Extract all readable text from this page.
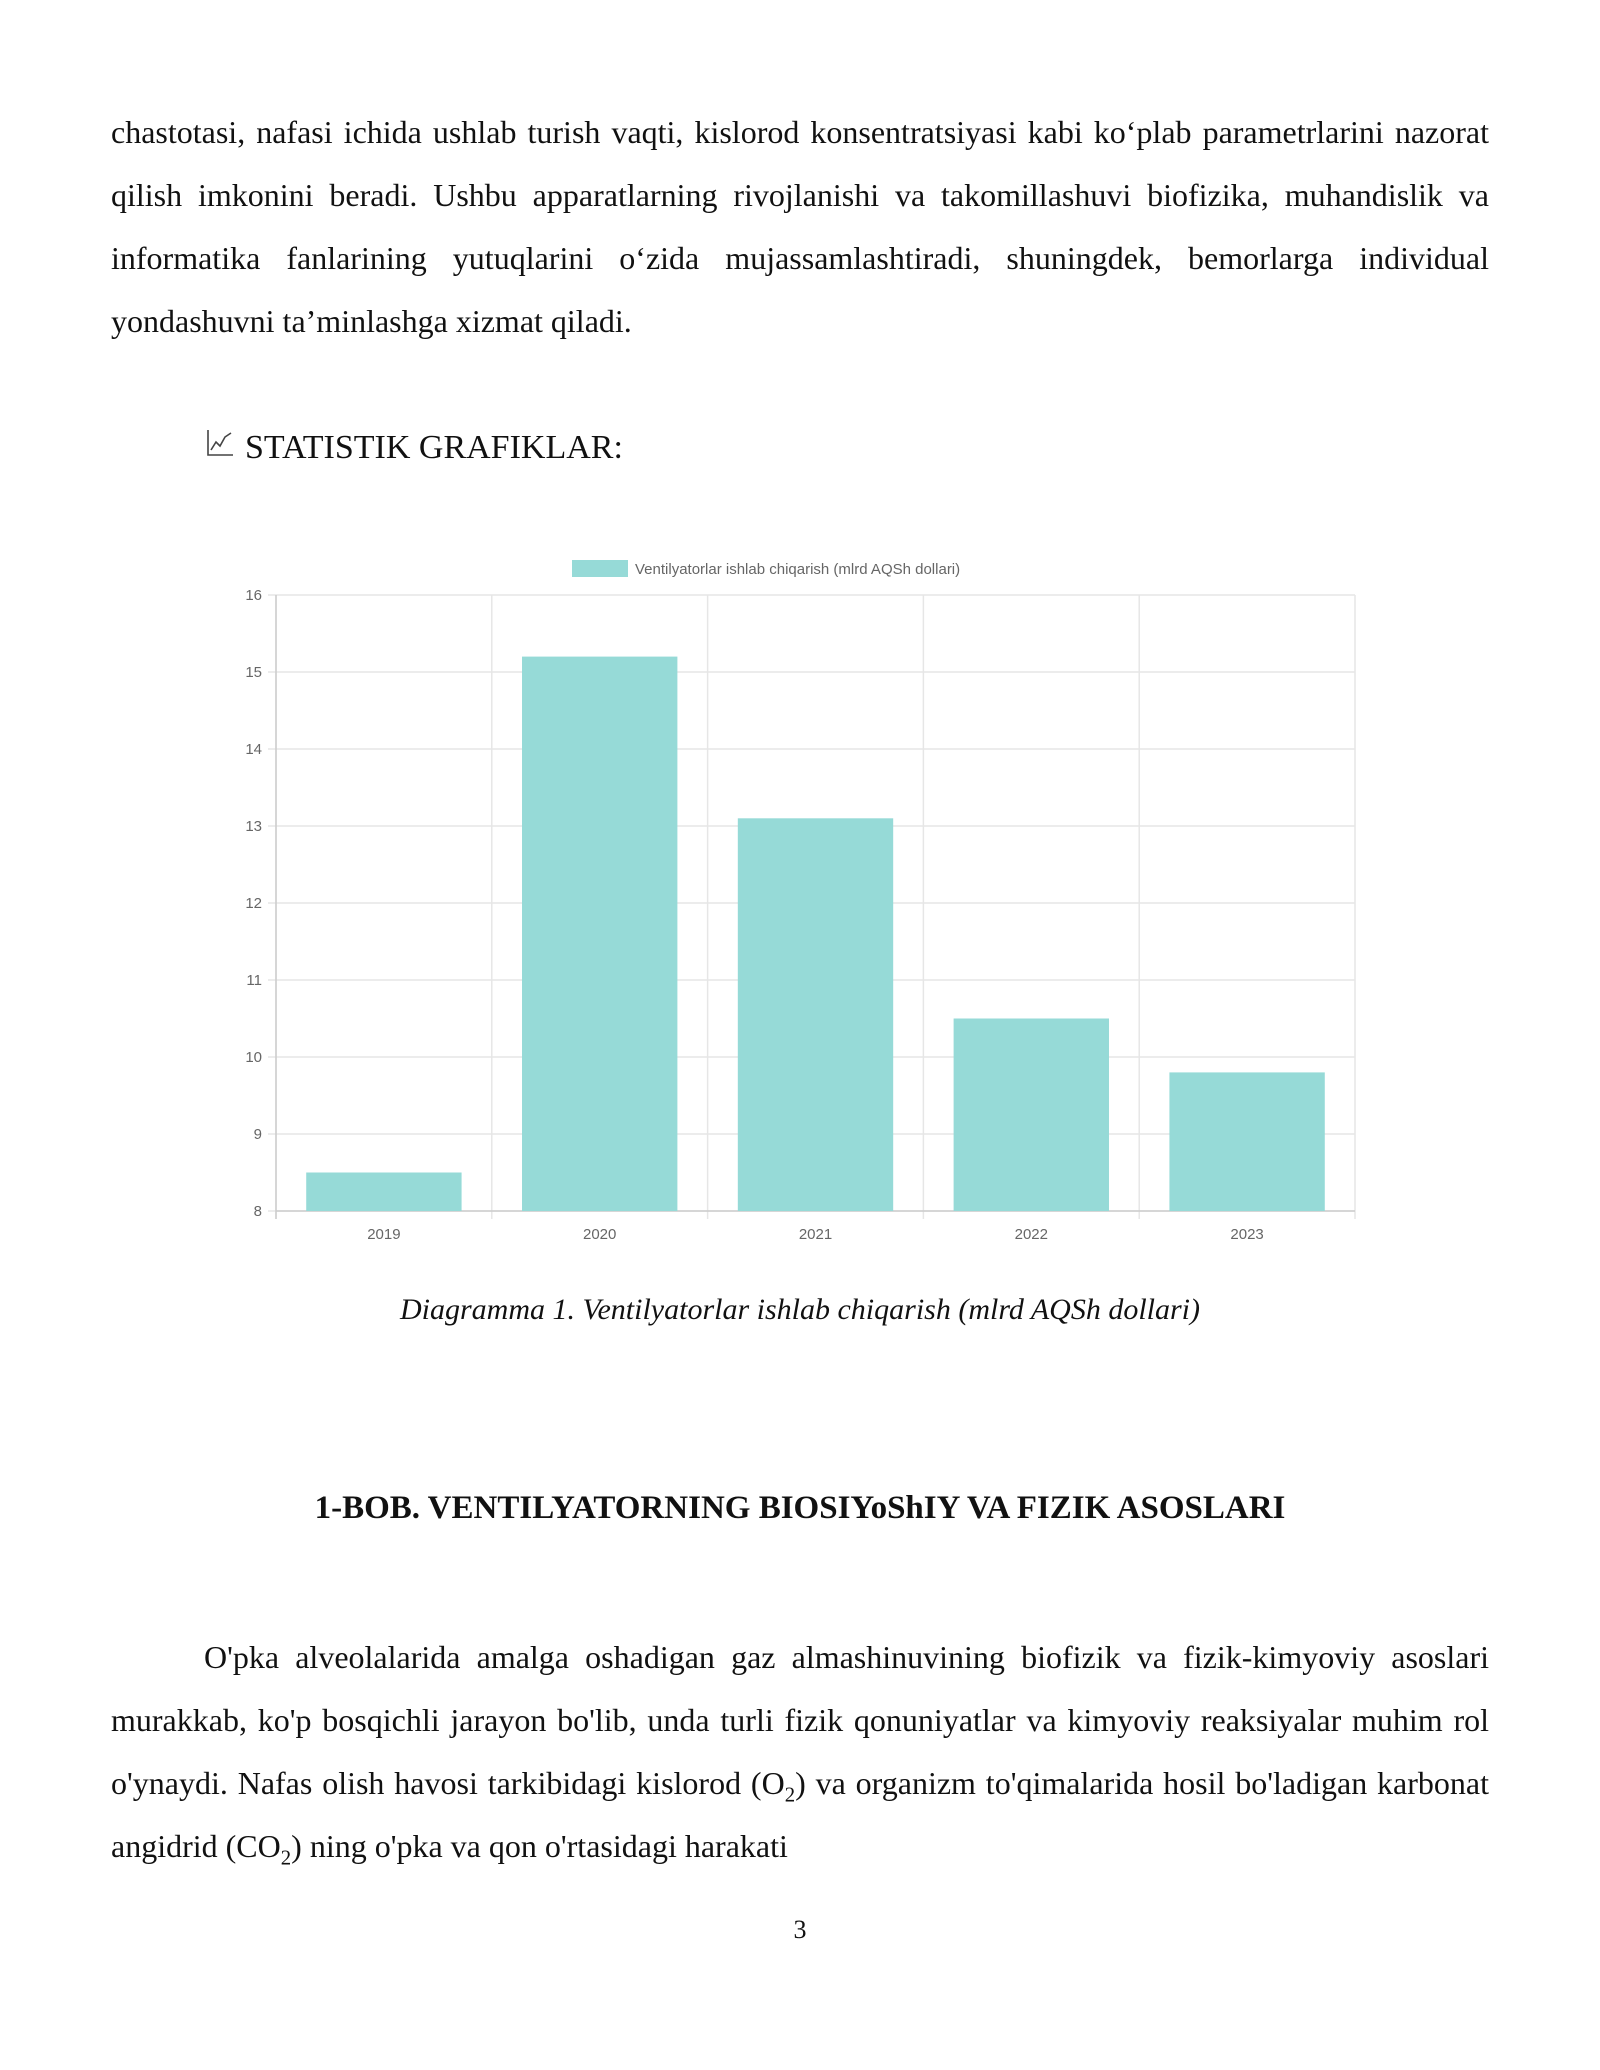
chastotasi, nafasi ichida ushlab turish vaqti, kislorod konsentratsiyasi kabi ko‘plab parametrlarini nazorat qilish imkonini beradi. Ushbu apparatlarning rivojlanishi va takomillashuvi biofizika, muhandislik va informatika fanlarining yutuqlarini o‘zida mujassamlashtiradi, shuningdek, bemorlarga individual yondashuvni ta’minlashga xizmat qiladi.

STATISTIK GRAFIKLAR:
8
9
10
11
12
13
14
15
16
2019	2020	2021	2022	2023
Ventilyatorlar ishlab chiqarish (mlrd AQSh dollari)
Diagramma 1. Ventilyatorlar ishlab chiqarish (mlrd AQSh dollari)
1-BOB. VENTILYATORNING BIOSIYoShIY VA FIZIK ASOSLARI

O'pka alveolalarida amalga oshadigan gaz almashinuvining biofizik va fizik-kimyoviy asoslari murakkab, ko'p bosqichli jarayon bo'lib, unda turli fizik qonuniyatlar va kimyoviy reaksiyalar muhim rol o'ynaydi. Nafas olish havosi tarkibidagi kislorod $(O_2)$ va organizm to'qimalarida hosil bo'ladigan karbonat angidrid $(CO_2)$ ning o'pka va qon o'rtasidagi harakati

3
